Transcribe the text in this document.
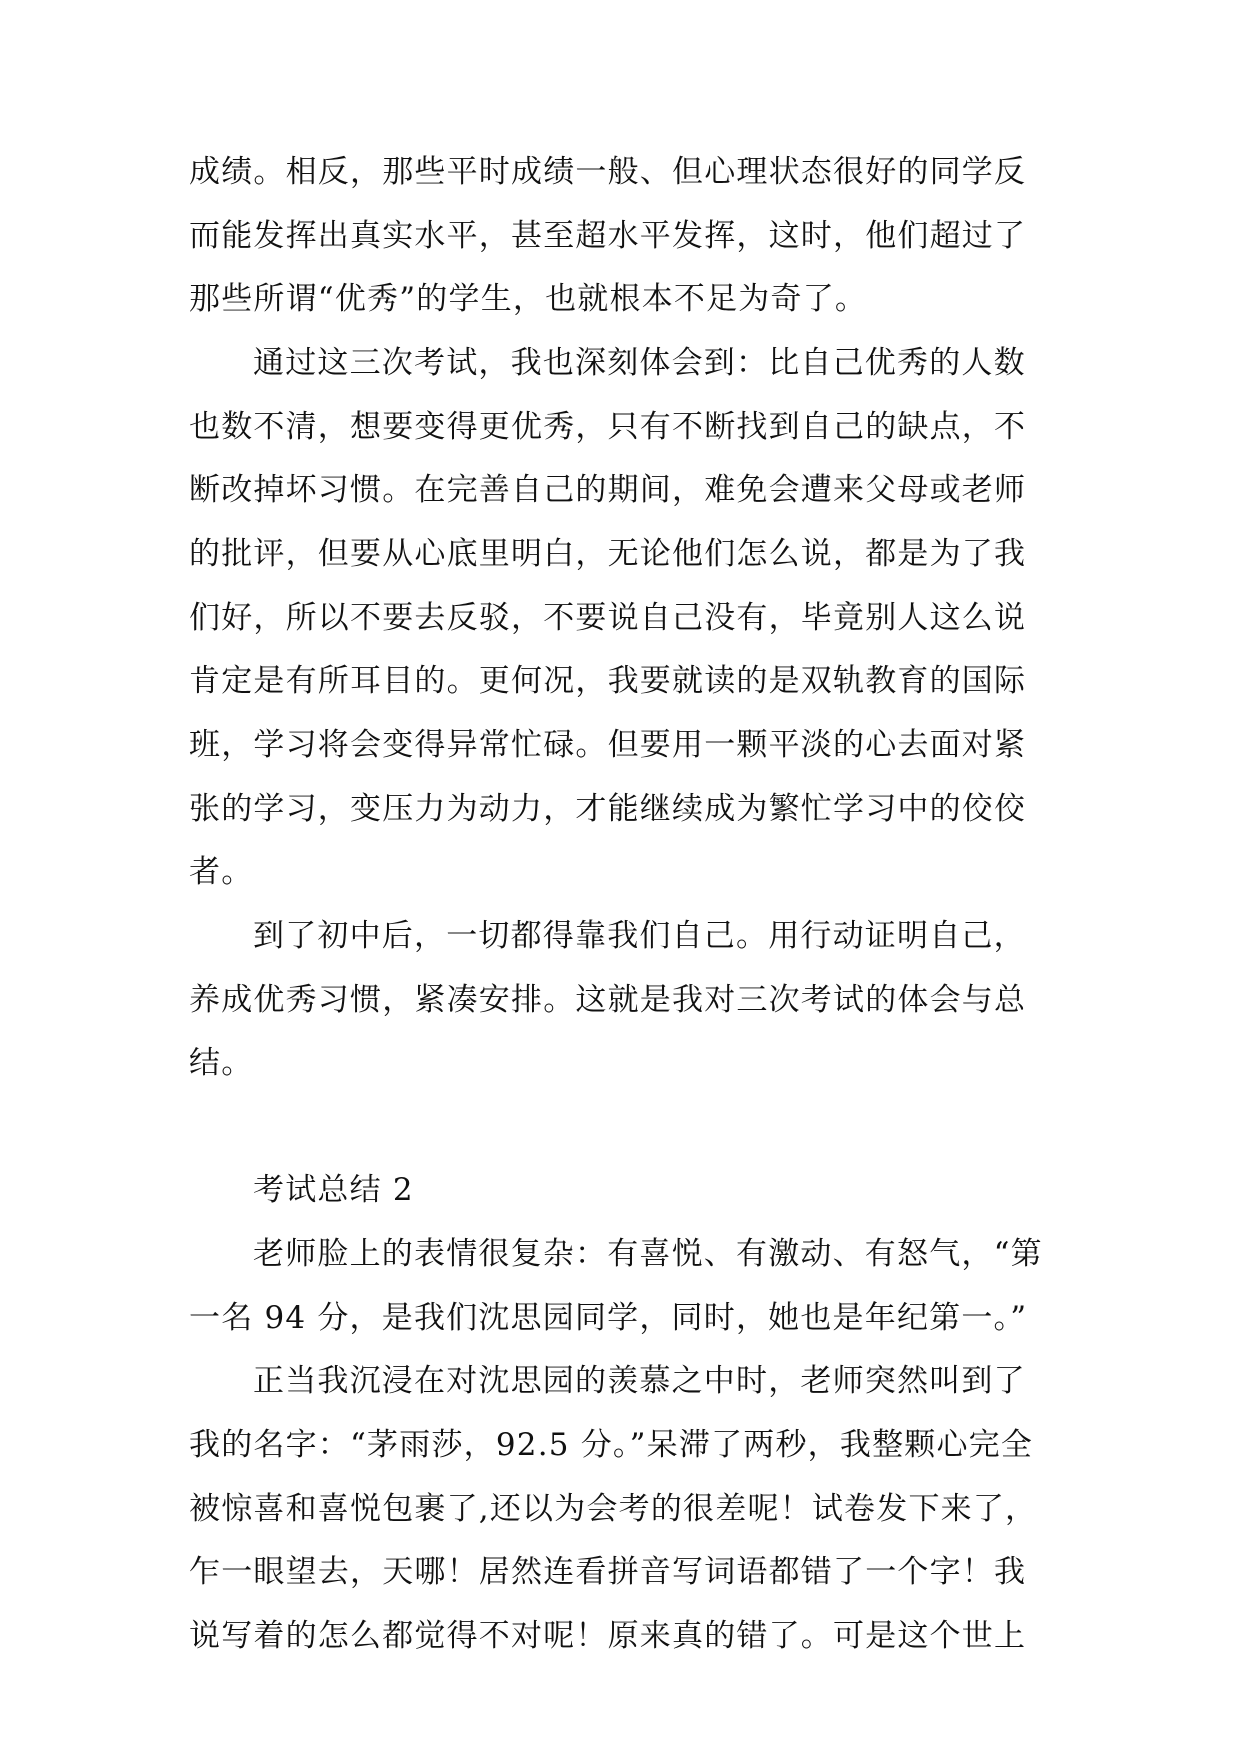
成绩。相反，那些平时成绩一般、但心理状态很好的同学反
而能发挥出真实水平，甚至超水平发挥，这时，他们超过了
那些所谓“优秀”的学生，也就根本不足为奇了。
通过这三次考试，我也深刻体会到：比自己优秀的人数
也数不清，想要变得更优秀，只有不断找到自己的缺点，不
断改掉坏习惯。在完善自己的期间，难免会遭来父母或老师
的批评，但要从心底里明白，无论他们怎么说，都是为了我
们好，所以不要去反驳，不要说自己没有，毕竟别人这么说
肯定是有所耳目的。更何况，我要就读的是双轨教育的国际
班，学习将会变得异常忙碌。但要用一颗平淡的心去面对紧
张的学习，变压力为动力，才能继续成为繁忙学习中的佼佼
者。
到了初中后，一切都得靠我们自己。用行动证明自己，
养成优秀习惯，紧凑安排。这就是我对三次考试的体会与总
结。
考试总结 2
老师脸上的表情很复杂：有喜悦、有激动、有怒气，“第
一名 94 分，是我们沈思园同学，同时，她也是年纪第一。”
正当我沉浸在对沈思园的羡慕之中时，老师突然叫到了
我的名字：“茅雨莎，92.5 分。”呆滞了两秒，我整颗心完全
被惊喜和喜悦包裹了,还以为会考的很差呢！试卷发下来了，
乍一眼望去，天哪！居然连看拼音写词语都错了一个字！我
说写着的怎么都觉得不对呢！原来真的错了。可是这个世上
